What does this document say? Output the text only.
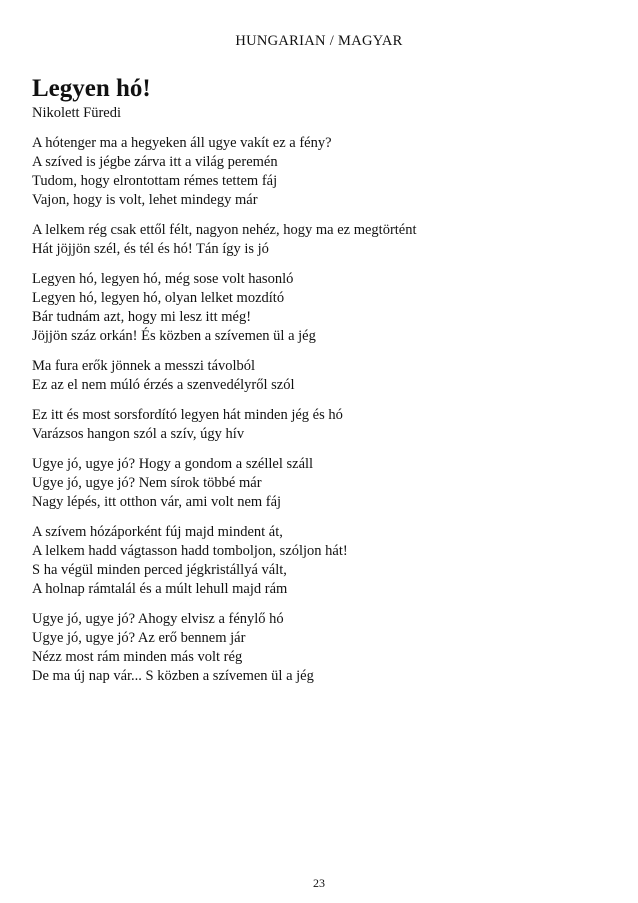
HUNGARIAN / MAGYAR
Legyen hó!
Nikolett Füredi
A hótenger ma a hegyeken áll ugye vakít ez a fény?
A szíved is jégbe zárva itt a világ peremén
Tudom, hogy elrontottam rémes tettem fáj
Vajon, hogy is volt, lehet mindegy már
A lelkem rég csak ettől félt, nagyon nehéz, hogy ma ez megtörtént
Hát jöjjön szél, és tél és hó! Tán így is jó
Legyen hó, legyen hó, még sose volt hasonló
Legyen hó, legyen hó, olyan lelket mozdító
Bár tudnám azt, hogy mi lesz itt még!
Jöjjön száz orkán! És közben a szívemen ül a jég
Ma fura erők jönnek a messzi távolból
Ez az el nem múló érzés a szenvedélyről szól
Ez itt és most sorsfordító legyen hát minden jég és hó
Varázsos hangon szól a szív, úgy hív
Ugye jó, ugye jó? Hogy a gondom a széllel száll
Ugye jó, ugye jó? Nem sírok többé már
Nagy lépés, itt otthon vár, ami volt nem fáj
A szívem hózáporként fúj majd mindent át,
A lelkem hadd vágtasson hadd tomboljon, szóljon hát!
S ha végül minden perced jégkristállyá vált,
A holnap rámtalál és a múlt lehull majd rám
Ugye jó, ugye jó? Ahogy elvisz a fénylő hó
Ugye jó, ugye jó? Az erő bennem jár
Nézz most rám minden más volt rég
De ma új nap vár... S közben a szívemen ül a jég
23
